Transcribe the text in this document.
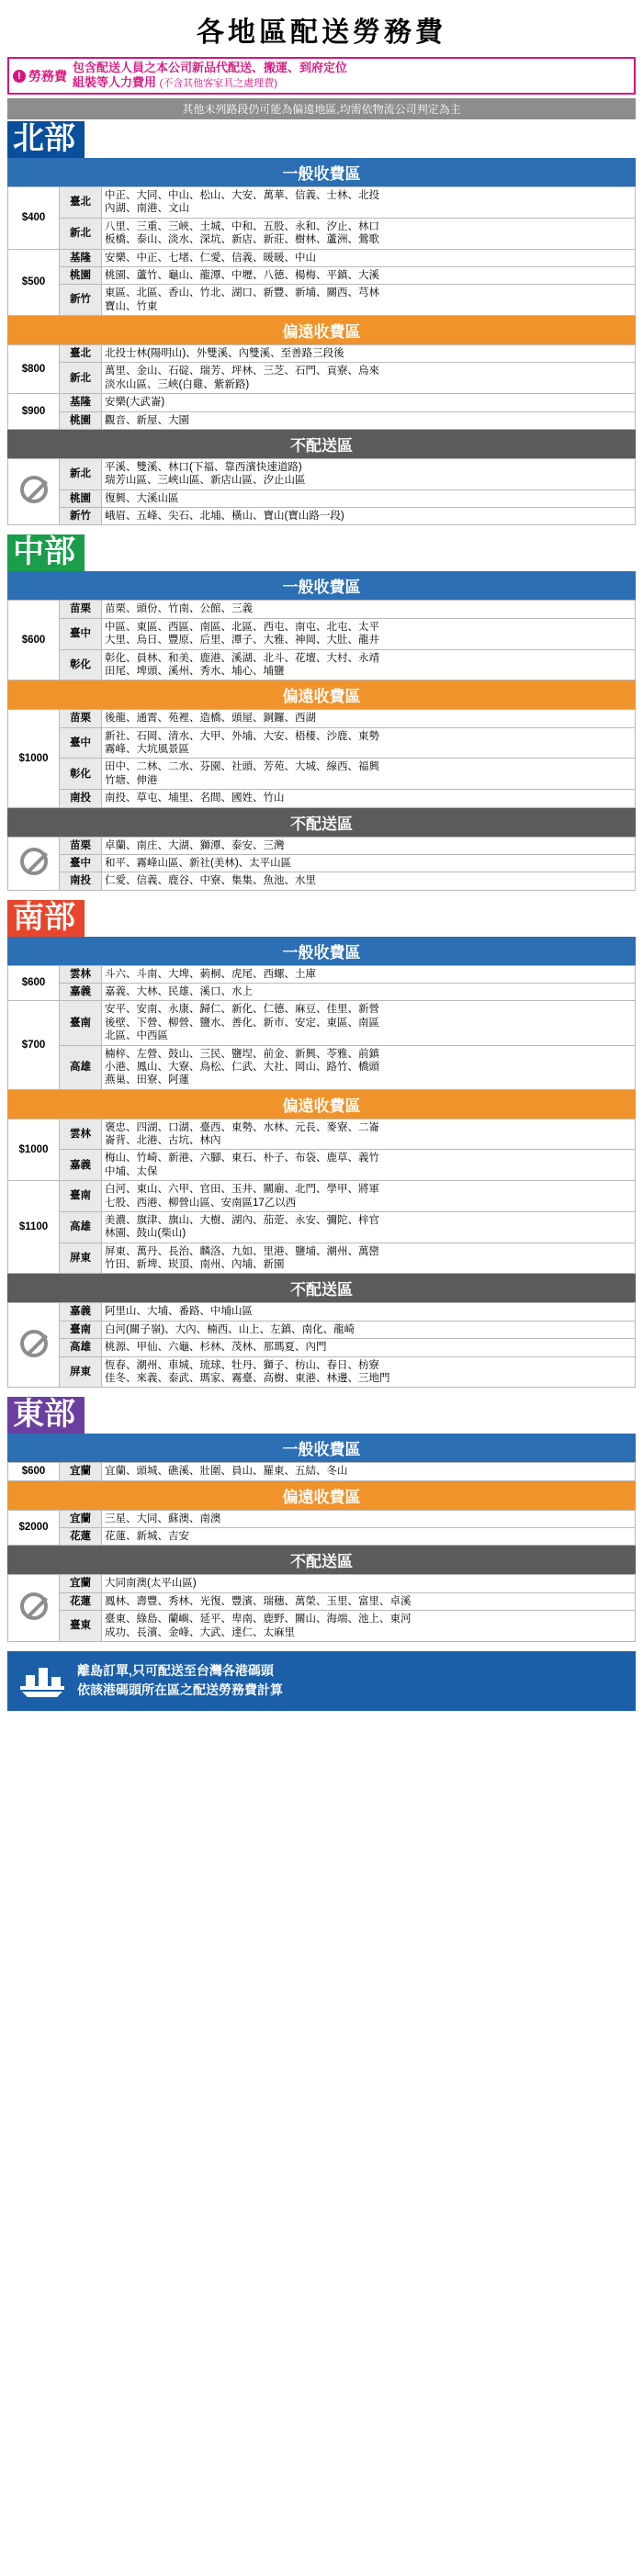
各地區配送勞務費
! 勞務費
包含配送人員之本公司新品代配送、搬運、到府定位
組裝等人力費用 (不含其他客家具之處理費)
其他未列路段仍可能為偏遠地區,均需依物流公司判定為主
北部
一般收費區
$400	臺北	中正、大同、中山、松山、大安、萬華、信義、士林、北投
內湖、南港、文山
	新北	八里、三重、三峽、土城、中和、五股、永和、汐止、林口
板橋、泰山、淡水、深坑、新店、新莊、樹林、蘆洲、鶯歌
$500	基隆	安樂、中正、七堵、仁愛、信義、暖暖、中山
	桃園	桃園、蘆竹、龜山、龍潭、中壢、八德、楊梅、平鎮、大溪
	新竹	東區、北區、香山、竹北、湖口、新豐、新埔、關西、芎林
寶山、竹東
偏遠收費區
$800	臺北	北投士林(陽明山)、外雙溪、內雙溪、至善路三段後
	新北	萬里、金山、石碇、瑞芳、坪林、三芝、石門、貢寮、烏來
淡水山區、三峽(白雞、紫新路)
$900	基隆	安樂(大武崙)
	桃園	觀音、新屋、大園
不配送區
	新北	平溪、雙溪、林口(下福、靠西濱快速道路)
瑞芳山區、三峽山區、新店山區、汐止山區
	桃園	復興、大溪山區
	新竹	峨眉、五峰、尖石、北埔、橫山、寶山(寶山路一段)
中部
一般收費區
$600	苗栗	苗栗、頭份、竹南、公館、三義
	臺中	中區、東區、西區、南區、北區、西屯、南屯、北屯、太平
大里、烏日、豐原、后里、潭子、大雅、神岡、大肚、龍井
	彰化	彰化、員林、和美、鹿港、溪湖、北斗、花壇、大村、永靖
田尾、埤頭、溪州、秀水、埔心、埔鹽
偏遠收費區
$1000	苗栗	後龍、通霄、苑裡、造橋、頭屋、銅鑼、西湖
	臺中	新社、石岡、清水、大甲、外埔、大安、梧棲、沙鹿、東勢
霧峰、大坑風景區
	彰化	田中、二林、二水、芬園、社頭、芳苑、大城、線西、福興
竹塘、伸港
	南投	南投、草屯、埔里、名間、國姓、竹山
不配送區
	苗栗	卓蘭、南庄、大湖、獅潭、泰安、三灣
	臺中	和平、霧峰山區、新社(美林)、太平山區
	南投	仁愛、信義、鹿谷、中寮、集集、魚池、水里
南部
一般收費區
$600	雲林	斗六、斗南、大埤、莿桐、虎尾、西螺、土庫
	嘉義	嘉義、大林、民雄、溪口、水上
$700	臺南	安平、安南、永康、歸仁、新化、仁德、麻豆、佳里、新營
後壁、下營、柳營、鹽水、善化、新市、安定、東區、南區
北區、中西區
	高雄	楠梓、左營、鼓山、三民、鹽埕、前金、新興、苓雅、前鎮
小港、鳳山、大寮、鳥松、仁武、大社、岡山、路竹、橋頭
燕巢、田寮、阿蓮
偏遠收費區
$1000	雲林	褒忠、四湖、口湖、臺西、東勢、水林、元長、麥寮、二崙
崙背、北港、古坑、林內
	嘉義	梅山、竹崎、新港、六腳、東石、朴子、布袋、鹿草、義竹
中埔、太保
$1100	臺南	白河、東山、六甲、官田、玉井、關廟、北門、學甲、將軍
七股、西港、柳營山區、安南區17乙以西
	高雄	美濃、旗津、旗山、大樹、湖內、茄萣、永安、彌陀、梓官
林園、鼓山(柴山)
	屏東	屏東、萬丹、長治、麟洛、九如、里港、鹽埔、潮州、萬巒
竹田、新埤、崁頂、南州、內埔、新園
不配送區
	嘉義	阿里山、大埔、番路、中埔山區
	臺南	白河(關子嶺)、大內、楠西、山上、左鎮、南化、龍崎
	高雄	桃源、甲仙、六龜、杉林、茂林、那瑪夏、內門
	屏東	恆春、潮州、車城、琉球、牡丹、獅子、枋山、春日、枋寮
佳冬、來義、泰武、瑪家、霧臺、高樹、東港、林邊、三地門
東部
一般收費區
$600	宜蘭	宜蘭、頭城、礁溪、壯圍、員山、羅東、五結、冬山
偏遠收費區
$2000	宜蘭	三星、大同、蘇澳、南澳
	花蓮	花蓮、新城、吉安
不配送區
	宜蘭	大同南澳(太平山區)
	花蓮	鳳林、壽豐、秀林、光復、豐濱、瑞穗、萬榮、玉里、富里、卓溪
	臺東	臺東、綠島、蘭嶼、延平、卑南、鹿野、關山、海端、池上、東河
成功、長濱、金峰、大武、達仁、太麻里
離島訂單,只可配送至台灣各港碼頭
依該港碼頭所在區之配送勞務費計算
